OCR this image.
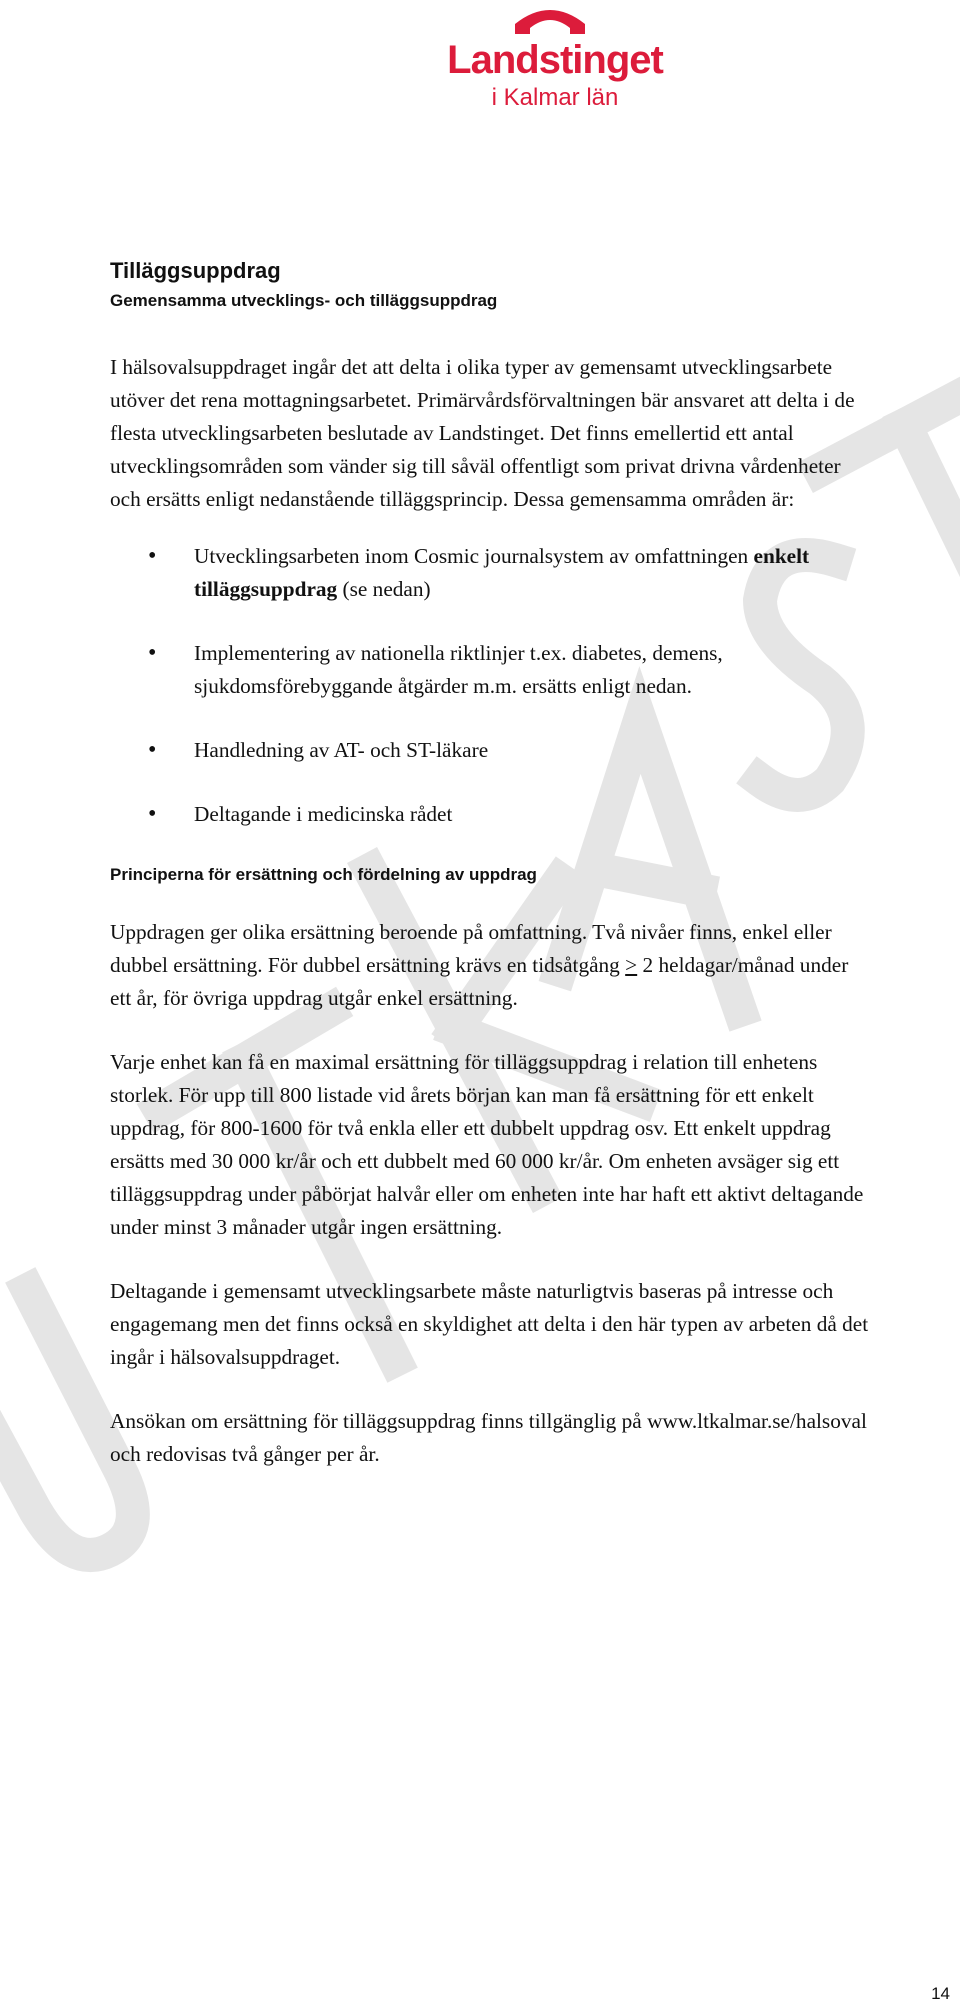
Landstinget
i Kalmar län
Tilläggsuppdrag
Gemensamma utvecklings- och tilläggsuppdrag

I hälsovalsuppdraget ingår det att delta i olika typer av gemensamt utvecklingsarbete utöver det rena mottagningsarbetet. Primärvårdsförvaltningen bär ansvaret att delta i de flesta utvecklingsarbeten beslutade av Landstinget. Det finns emellertid ett antal utvecklingsområden som vänder sig till såväl offentligt som privat drivna vårdenheter och ersätts enligt nedanstående tilläggsprincip. Dessa gemensamma områden är:

• Utvecklingsarbeten inom Cosmic journalsystem av omfattningen enkelt tilläggsuppdrag (se nedan)
• Implementering av nationella riktlinjer t.ex. diabetes, demens, sjukdomsförebyggande åtgärder m.m. ersätts enligt nedan.
• Handledning av AT- och ST-läkare
• Deltagande i medicinska rådet
Principerna för ersättning och fördelning av uppdrag

Uppdragen ger olika ersättning beroende på omfattning. Två nivåer finns, enkel eller dubbel ersättning. För dubbel ersättning krävs en tidsåtgång ≥ 2 heldagar/månad under ett år, för övriga uppdrag utgår enkel ersättning.

Varje enhet kan få en maximal ersättning för tilläggsuppdrag i relation till enhetens storlek. För upp till 800 listade vid årets början kan man få ersättning för ett enkelt uppdrag, för 800-1600 för två enkla eller ett dubbelt uppdrag osv. Ett enkelt uppdrag ersätts med 30 000 kr/år och ett dubbelt med 60 000 kr/år. Om enheten avsäger sig ett tilläggsuppdrag under påbörjat halvår eller om enheten inte har haft ett aktivt deltagande under minst 3 månader utgår ingen ersättning.

Deltagande i gemensamt utvecklingsarbete måste naturligtvis baseras på intresse och engagemang men det finns också en skyldighet att delta i den här typen av arbeten då det ingår i hälsovalsuppdraget.

Ansökan om ersättning för tilläggsuppdrag finns tillgänglig på www.ltkalmar.se/halsoval och redovisas två gånger per år.

14
